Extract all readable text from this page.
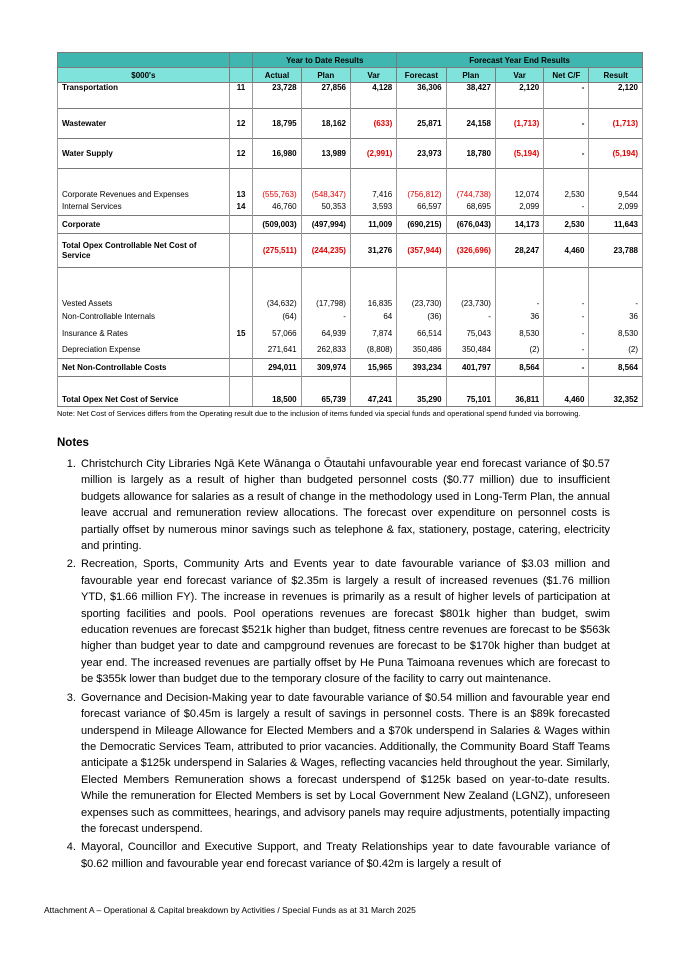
		Year to Date Results			Forecast Year End Results				
$000's		Actual	Plan	Var	Forecast	Plan	Var	Net C/F	Result
Transportation	11	23,728	27,856	4,128	36,306	38,427	2,120	-	2,120
Wastewater	12	18,795	18,162	(633)	25,871	24,158	(1,713)	-	(1,713)
Water Supply	12	16,980	13,989	(2,991)	23,973	18,780	(5,194)	-	(5,194)
Corporate Revenues and Expenses	13	(555,763)	(548,347)	7,416	(756,812)	(744,738)	12,074	2,530	9,544
Internal Services	14	46,760	50,353	3,593	66,597	68,695	2,099	-	2,099
Corporate		(509,003)	(497,994)	11,009	(690,215)	(676,043)	14,173	2,530	11,643
Total Opex Controllable Net Cost of Service		(275,511)	(244,235)	31,276	(357,944)	(326,696)	28,247	4,460	23,788
Vested Assets		(34,632)	(17,798)	16,835	(23,730)	(23,730)	-	-	-
Non-Controllable Internals		(64)	-	64	(36)	-	36	-	36
Insurance & Rates	15	57,066	64,939	7,874	66,514	75,043	8,530	-	8,530
Depreciation Expense		271,641	262,833	(8,808)	350,486	350,484	(2)	-	(2)
Net Non-Controllable Costs		294,011	309,974	15,965	393,234	401,797	8,564	-	8,564
Total Opex Net Cost of Service		18,500	65,739	47,241	35,290	75,101	36,811	4,460	32,352
Note: Net Cost of Services differs from the Operating result due to the inclusion of items funded via special funds and operational spend funded via borrowing.
Notes
1. Christchurch City Libraries Ngā Kete Wānanga o Ōtautahi unfavourable year end forecast variance of $0.57 million is largely as a result of higher than budgeted personnel costs ($0.77 million) due to insufficient budgets allowance for salaries as a result of change in the methodology used in Long-Term Plan, the annual leave accrual and remuneration review allocations. The forecast over expenditure on personnel costs is partially offset by numerous minor savings such as telephone & fax, stationery, postage, catering, electricity and printing.
2. Recreation, Sports, Community Arts and Events year to date favourable variance of $3.03 million and favourable year end forecast variance of $2.35m is largely a result of increased revenues ($1.76 million YTD, $1.66 million FY). The increase in revenues is primarily as a result of higher levels of participation at sporting facilities and pools. Pool operations revenues are forecast $801k higher than budget, swim education revenues are forecast $521k higher than budget, fitness centre revenues are forecast to be $563k higher than budget year to date and campground revenues are forecast to be $170k higher than budget at year end. The increased revenues are partially offset by He Puna Taimoana revenues which are forecast to be $355k lower than budget due to the temporary closure of the facility to carry out maintenance.
3. Governance and Decision-Making year to date favourable variance of $0.54 million and favourable year end forecast variance of $0.45m is largely a result of savings in personnel costs. There is an $89k forecasted underspend in Mileage Allowance for Elected Members and a $70k underspend in Salaries & Wages within the Democratic Services Team, attributed to prior vacancies. Additionally, the Community Board Staff Teams anticipate a $125k underspend in Salaries & Wages, reflecting vacancies held throughout the year. Similarly, Elected Members Remuneration shows a forecast underspend of $125k based on year-to-date results. While the remuneration for Elected Members is set by Local Government New Zealand (LGNZ), unforeseen expenses such as committees, hearings, and advisory panels may require adjustments, potentially impacting the forecast underspend.
4. Mayoral, Councillor and Executive Support, and Treaty Relationships year to date favourable variance of $0.62 million and favourable year end forecast variance of $0.42m is largely a result of
Attachment A – Operational & Capital breakdown by Activities / Special Funds as at 31 March 2025
